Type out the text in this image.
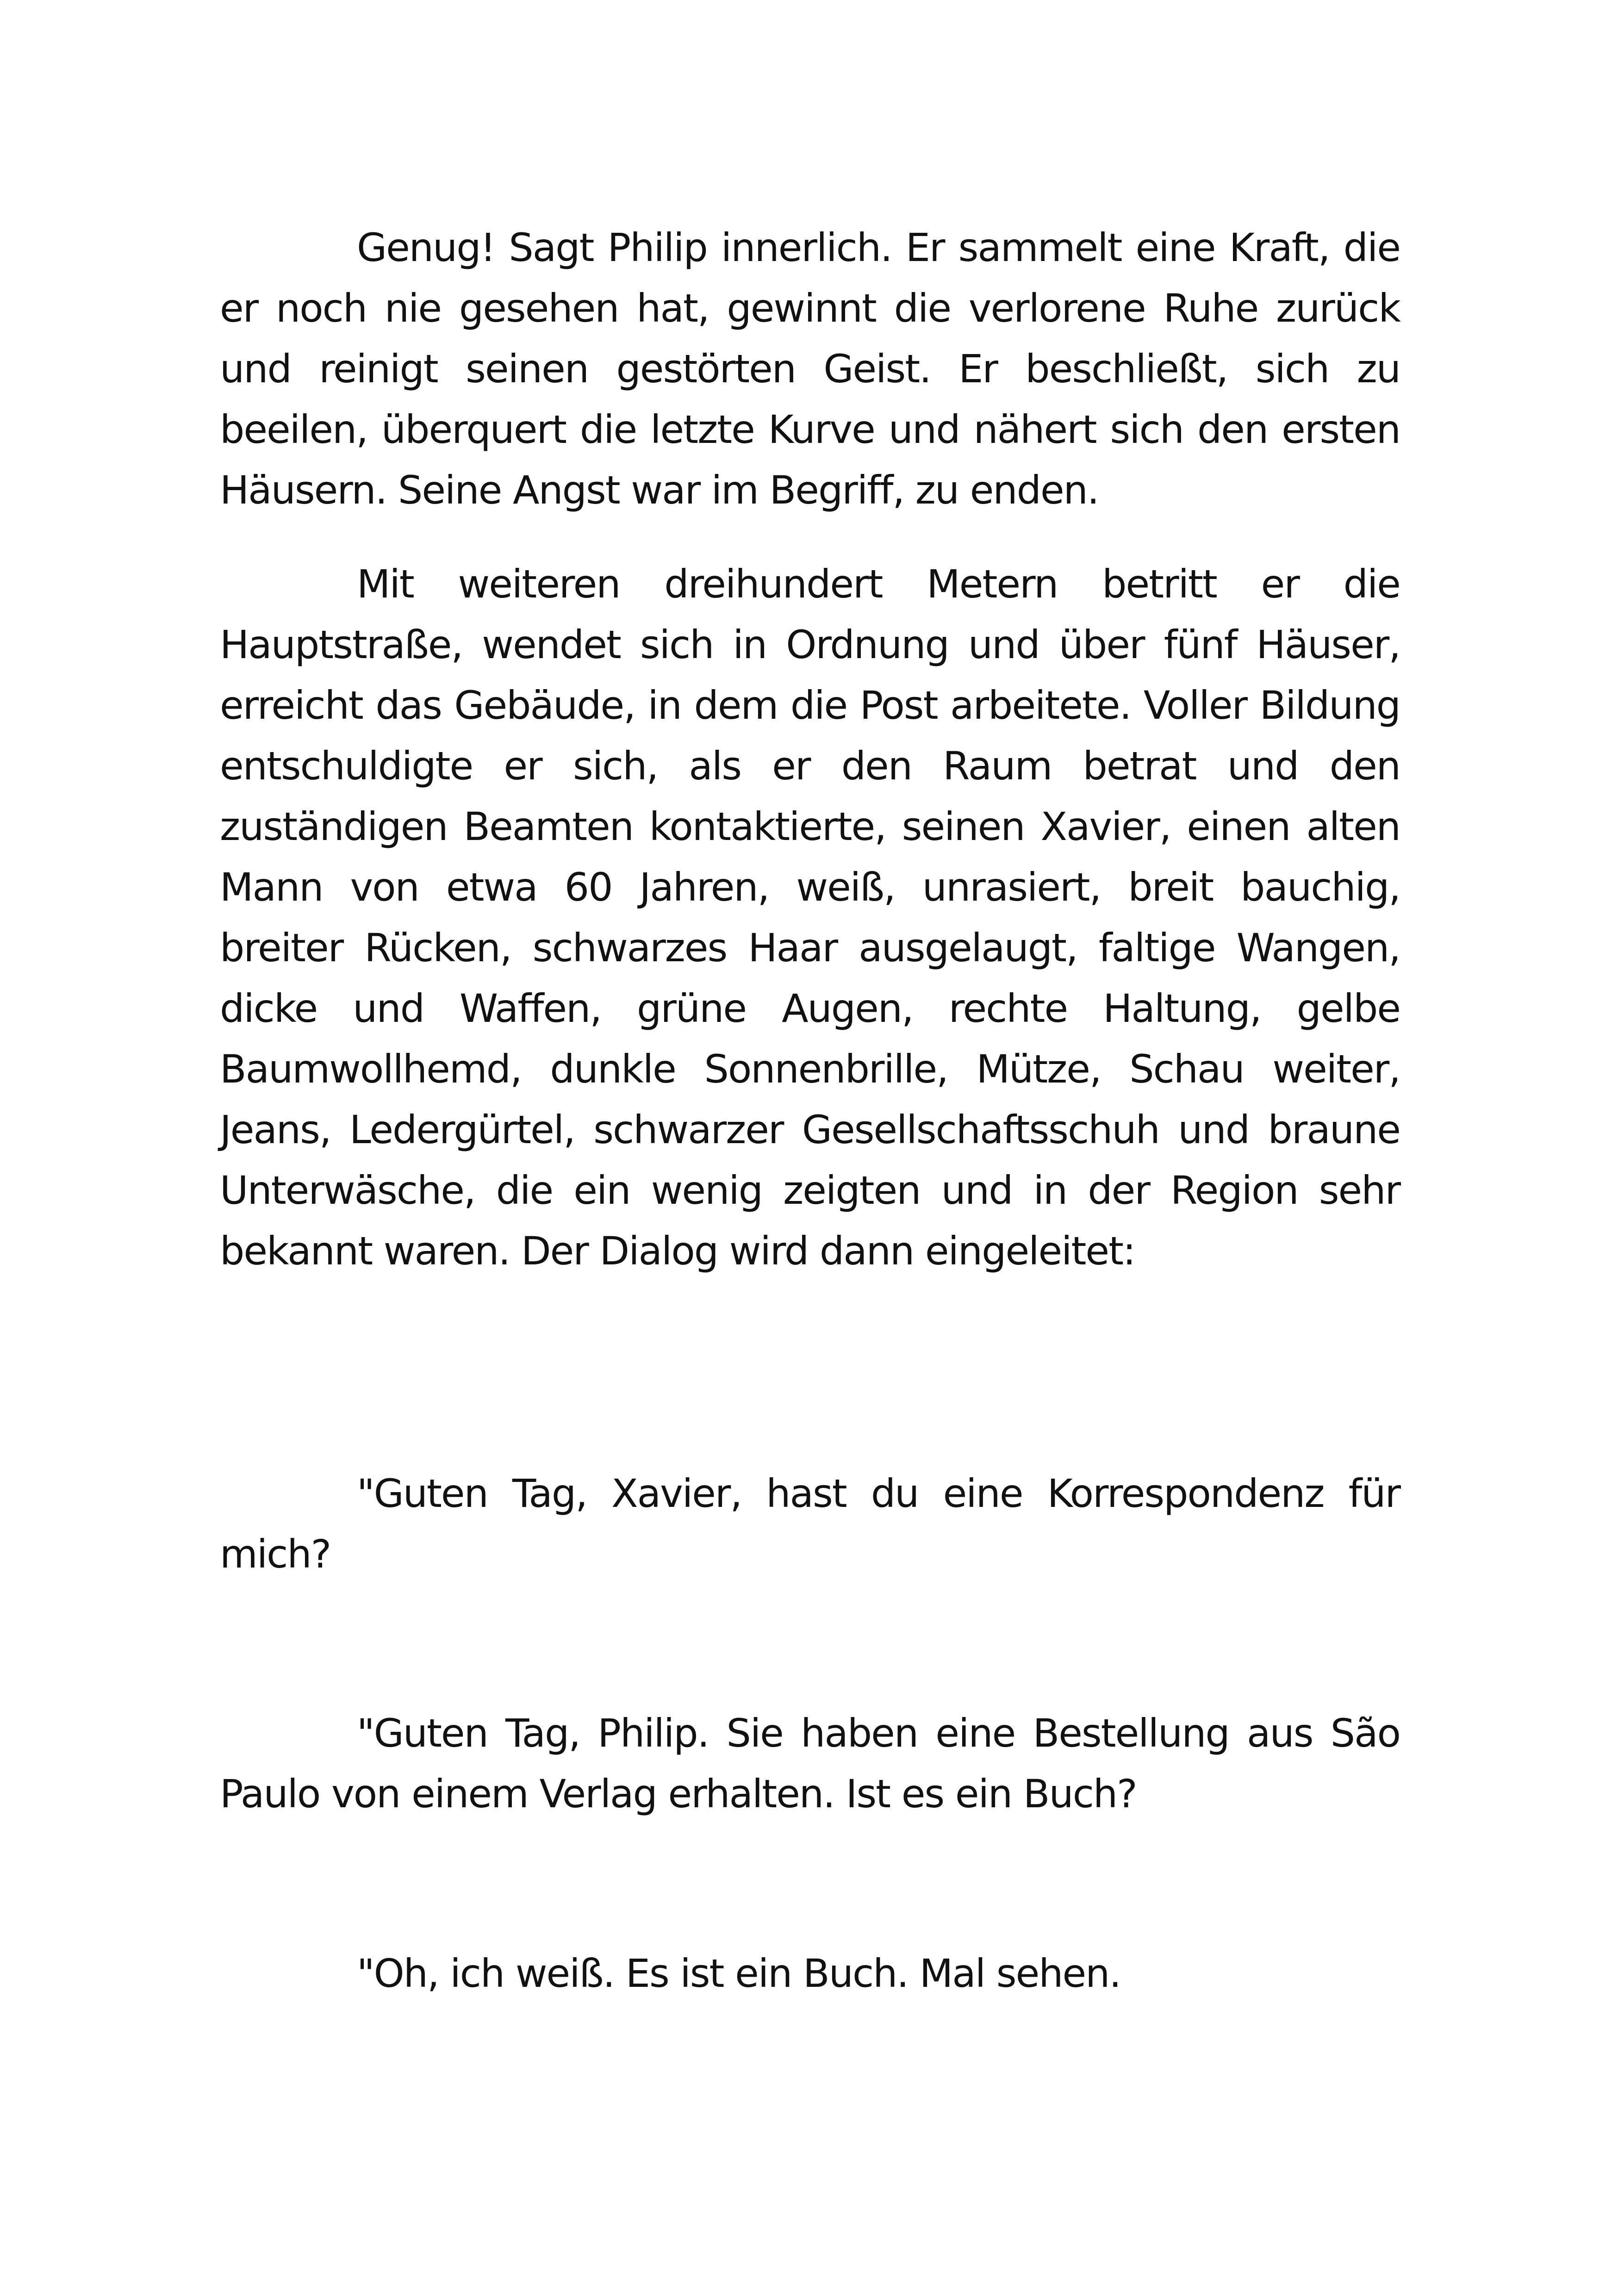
Genug! Sagt Philip innerlich. Er sammelt eine Kraft, die er noch nie gesehen hat, gewinnt die verlorene Ruhe zurück und reinigt seinen gestörten Geist. Er beschließt, sich zu beeilen, überquert die letzte Kurve und nähert sich den ersten Häusern. Seine Angst war im Begriff, zu enden.

Mit weiteren dreihundert Metern betritt er die Hauptstraße, wendet sich in Ordnung und über fünf Häuser, erreicht das Gebäude, in dem die Post arbeitete. Voller Bildung entschuldigte er sich, als er den Raum betrat und den zuständigen Beamten kontaktierte, seinen Xavier, einen alten Mann von etwa 60 Jahren, weiß, unrasiert, breit bauchig, breiter Rücken, schwarzes Haar ausgelaugt, faltige Wangen, dicke und Waffen, grüne Augen, rechte Haltung, gelbe Baumwollhemd, dunkle Sonnenbrille, Mütze, Schau weiter, Jeans, Ledergürtel, schwarzer Gesellschaftsschuh und braune Unterwäsche, die ein wenig zeigten und in der Region sehr bekannt waren. Der Dialog wird dann eingeleitet:

"Guten Tag, Xavier, hast du eine Korrespondenz für mich?

"Guten Tag, Philip. Sie haben eine Bestellung aus São Paulo von einem Verlag erhalten. Ist es ein Buch?

"Oh, ich weiß. Es ist ein Buch. Mal sehen.
